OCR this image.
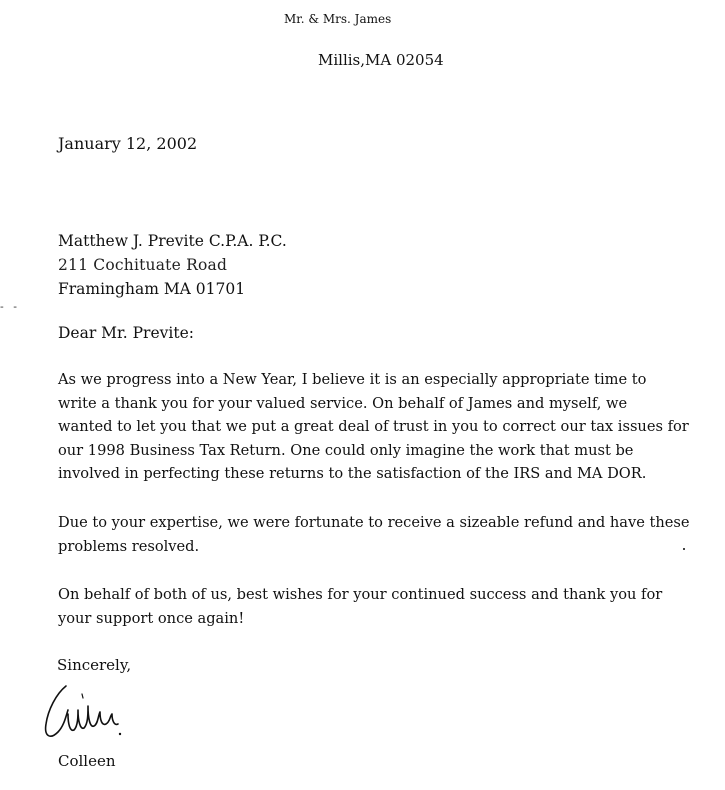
Mr. & Mrs. James
Millis,MA 02054
January 12, 2002
Matthew J. Previte C.P.A. P.C.
211 Cochituate Road
Framingham MA 01701
- -
Dear Mr. Previte:
As we progress into a New Year, I believe it is an especially appropriate time to
write a thank you for your valued service. On behalf of James and myself, we
wanted to let you that we put a great deal of trust in you to correct our tax issues for
our 1998 Business Tax Return. One could only imagine the work that must be
involved in perfecting these returns to the satisfaction of the IRS and MA DOR.
Due to your expertise, we were fortunate to receive a sizeable refund and have these
problems resolved.
On behalf of both of us, best wishes for your continued success and thank you for
your support once again!
Sincerely,
Colleen
